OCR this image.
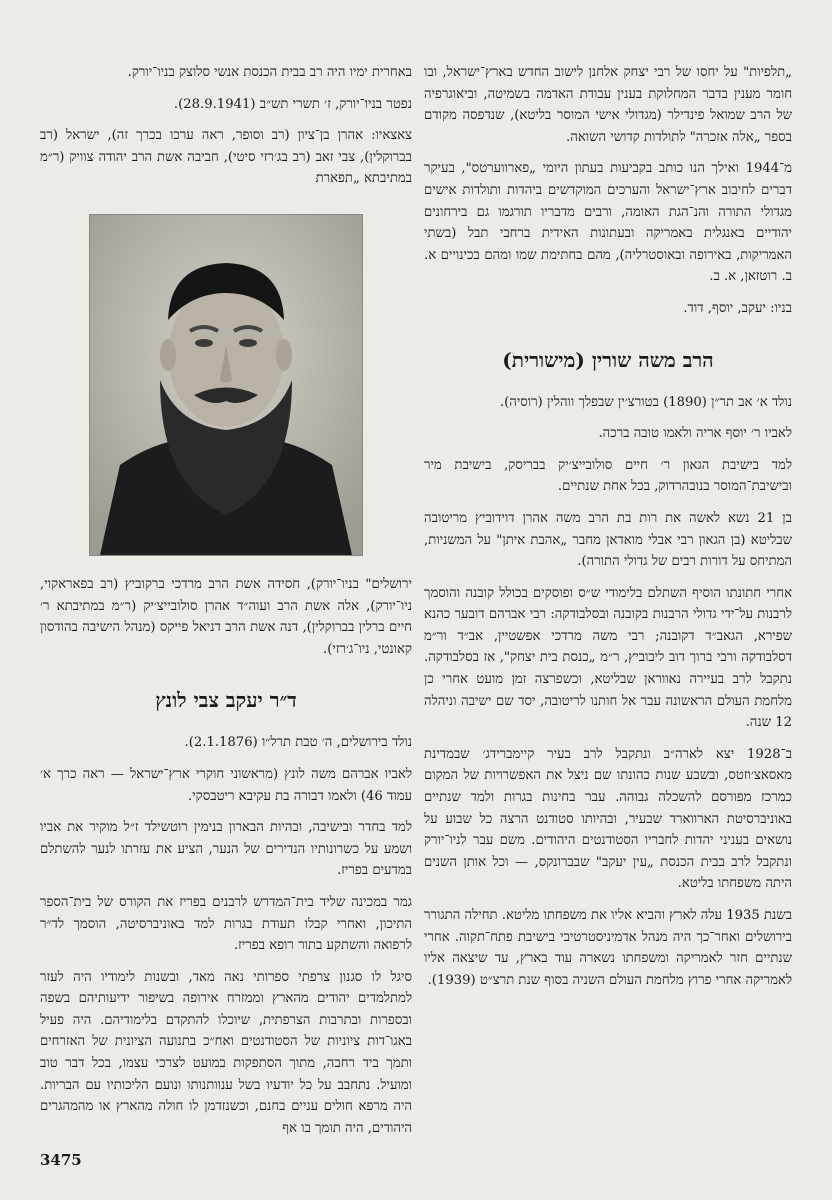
„תלפיות" על יחסו של רבי יצחק אלחנן לישוב החדש בארץ־ישראל, ובו חומר מענין בדבר המחלוקת בענין עבודת האדמה בשמיטה, וביאוגרפיה של הרב שמואל פינדילר (מגדולי אישי המוסר בליטא), שנדפסה מקודם בספר „אלה אזכרה" לתולדות קדושי השואה.

מ־1944 ואילך הנו כותב בקביעות בעתון היומי „פארווערטס", בעיקר דברים לחיבוב ארץ־ישראל והערכים המוקדשים ביהדות ותולדות אישים מגדולי התורה והנ־הגת האומה, ורבים מדבריו תורגמו גם בירחונים יהודיים באנגלית באמריקה ובעתונות האידית ברחבי תבל (בשתי האמריקות, באירופה ובאוסטרליה), מהם בחתימת שמו ומהם בכינויים א. ב. רוטזאן, א. ב.

בניו: יעקב, יוסף, דוד.

הרב משה שורין (מישורית)

נולד א׳ אב תר״ן (1890) בטורצ׳ין שבפלך ווהלין (רוסיה).

לאביו ר׳ יוסף אריה ולאמו טובה ברכה.

למד בישיבת הגאון ר׳ חיים סולובייצ׳יק בבריסק, בישיבת מיר ובישיבת־המוסר בנובהרדוק, בכל אחת שנתיים.

בן 21 נשא לאשה את רות בת הרב משה אהרן דוידוביץ מריטובה שבליטא (בן הגאון רבי אבלי מואדאן מחבר „אהבת איתן" על המשניות, המתיחס על דורות רבים של גדולי התורה).

אחרי חתונתו הוסיף השתלם בלימודי ש״ס ופוסקים בכולל קובנה והוסמך לרבנות על־ידי גדולי הרבנות בקובנה ובסלבודקה: רבי אברהם דובער כהנא שפירא, הגאב״ד דקובנה; רבי משה מרדכי אפשטיין, אב״ד ור״מ דסלבודקה ורבי ברוך דוב ליבוביץ, ר״מ „כנסת בית יצחק", אז בסלבודקה. נתקבל לרב בעיירה נאווראן שבליטא, וכשפרצה זמן מועט אחרי כן מלחמת העולם הראשונה עבר אל חותנו לריטובה, יסד שם ישיבה וניהלה 12 שנה.

ב־1928 יצא לארה״ב ונתקבל לרב בעיר קיימברידג׳ שבמדינת מאסאצ׳וזטס, ובשבע שנות כהונתו שם ניצל את האפשרויות של המקום כמרכז מפורסם להשכלה גבוהה. עבר בחינות בגרות ולמד שנתיים באוניברסיטת הארווארד שבעיר, ובהיותו סטודנט הרצה כל שבוע על נושאים בעניני יהדות לחבריו הסטודנטים היהודים. משם עבר לניו־יורק ונתקבל לרב בבית הכנסת „עין יעקב" שבברונקס, — וכל אותן השנים היתה משפחתו בליטא.

בשנת 1935 עלה לארץ והביא אליו את משפחתו מליטא. תחילה התגורר בירושלים ואחר־כך היה מנהל אדמיניסטרטיבי בישיבת פתח־תקוה. אחרי שנתיים חזר לאמריקה ומשפחתו נשארה עוד בארץ, עד שיצאה אליו לאמריקה אחרי פרוץ מלחמת העולם השניה בסוף שנת תרצ״ט (1939).

באחרית ימיו היה רב בבית הכנסת אנשי סלוצק בניו־יורק.

נפטר בניו־יורק, ז׳ תשרי תש״ב (28.9.1941).

צאצאיו: אהרן בן־ציון (רב וסופר, ראה ערכו בכרך זה), ישראל (רב בברוקלין), צבי זאב (רב בג׳רזי סיטי), חביבה אשת הרב יהודה צוויק (ר״מ במתיבתא „תפארת

ירושלים" בניו־יורק), חסידה אשת הרב מרדכי ברקוביץ (רב בפאראקוי, ניו־יורק), אלה אשת הרב ועוה״ד אהרן סולובייצ׳יק (ר״מ במתיבתא ר׳ חיים ברלין בברוקלין), דנה אשת הרב דניאל פייקס (מנהל הישיבה בהודסון קאונטי, ניו־ג׳רזי).

ד״ר יעקב צבי לונץ

נולד בירושלים, ה׳ טבת תרל״ו (2.1.1876).

לאביו אברהם משה לונץ (מראשוני חוקרי ארץ־ישראל — ראה כרך א׳ עמוד 46) ולאמו דבורה בת עקיבא ריטבסקי.

למד בחדר ובישיבה, ובהיות הבארון בנימין רוטשילד ז״ל מוקיר את אביו ושמע על כשרונותיו הנדירים של הנער, הציע את עזרתו לנער להשתלם במדעים בפריז.

גמר במכינה שליד בית־המדרש לרבנים בפריז את הקורס של בית־הספר התיכון, ואחרי קבלו תעודת בגרות למד באוניברסיטה, הוסמך לד״ר לרפואה והשתקע בתור רופא בפריז.

סיגל לו סגנון צרפתי ספרותי נאה מאד, ובשנות לימודיו היה לעזר למתלמדים יהודים מהארץ וממזרח אירופה בשיפור ידיעותיהם בשפה ובספרות ובתרבות הצרפתית, שיוכלו להתקדם בלימודיהם. היה פעיל באגו־דות ציוניות של הסטודנטים ואח״כ בתנועה הציונית של האזרחים ותמך ביד רחבה, מתוך הסתפקות במועט לצרכי עצמו, בכל דבר טוב ומועיל. נתחבב על כל יודעיו בשל ענוותנותו ונועם הליכותיו עם הבריות. היה מרפא חולים עניים בחנם, וכשנזדמן לו חולה מהארץ או מהמהגרים היהודים, היה תומך בו אף

3475
